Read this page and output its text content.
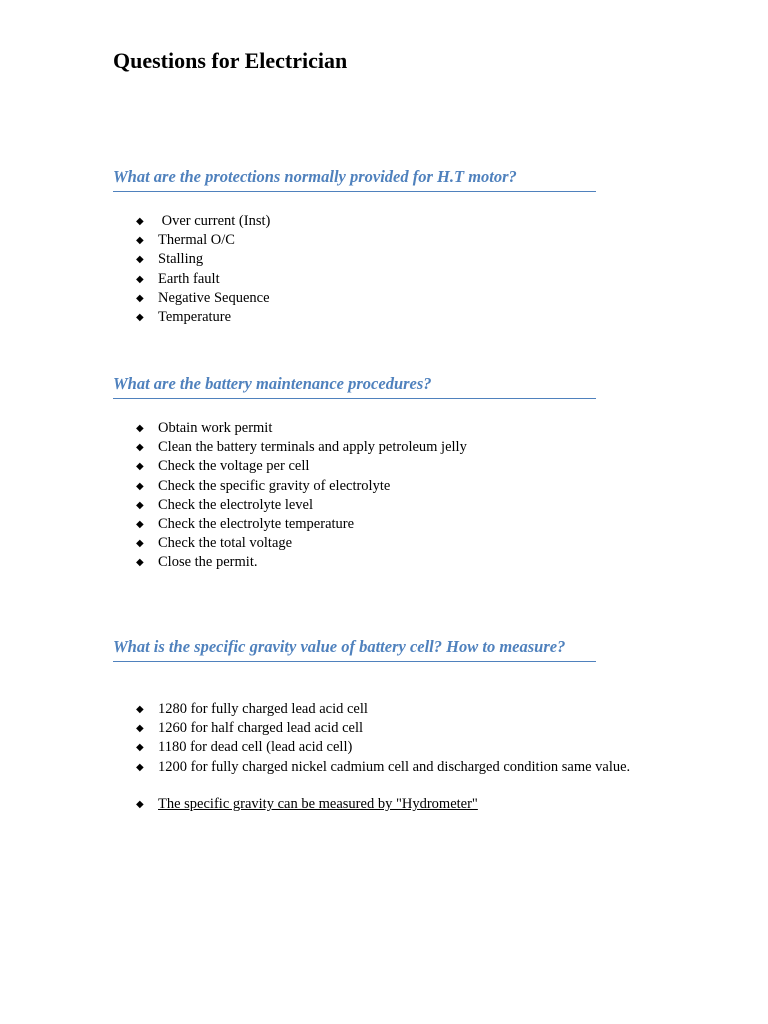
Questions for Electrician
What are the protections normally provided for H.T motor?
◆ Over current (Inst)
◆ Thermal O/C
◆ Stalling
◆ Earth fault
◆ Negative Sequence
◆ Temperature
What are the battery maintenance procedures?
◆ Obtain work permit
◆ Clean the battery terminals and apply petroleum jelly
◆ Check the voltage per cell
◆ Check the specific gravity of electrolyte
◆ Check the electrolyte level
◆ Check the electrolyte temperature
◆ Check the total voltage
◆ Close the permit.
What is the specific gravity value of battery cell? How to measure?
◆ 1280 for fully charged lead acid cell
◆ 1260 for half charged lead acid cell
◆ 1180 for dead cell (lead acid cell)
◆ 1200 for fully charged nickel cadmium cell and discharged condition same value.
◆ The specific gravity can be measured by "Hydrometer"
